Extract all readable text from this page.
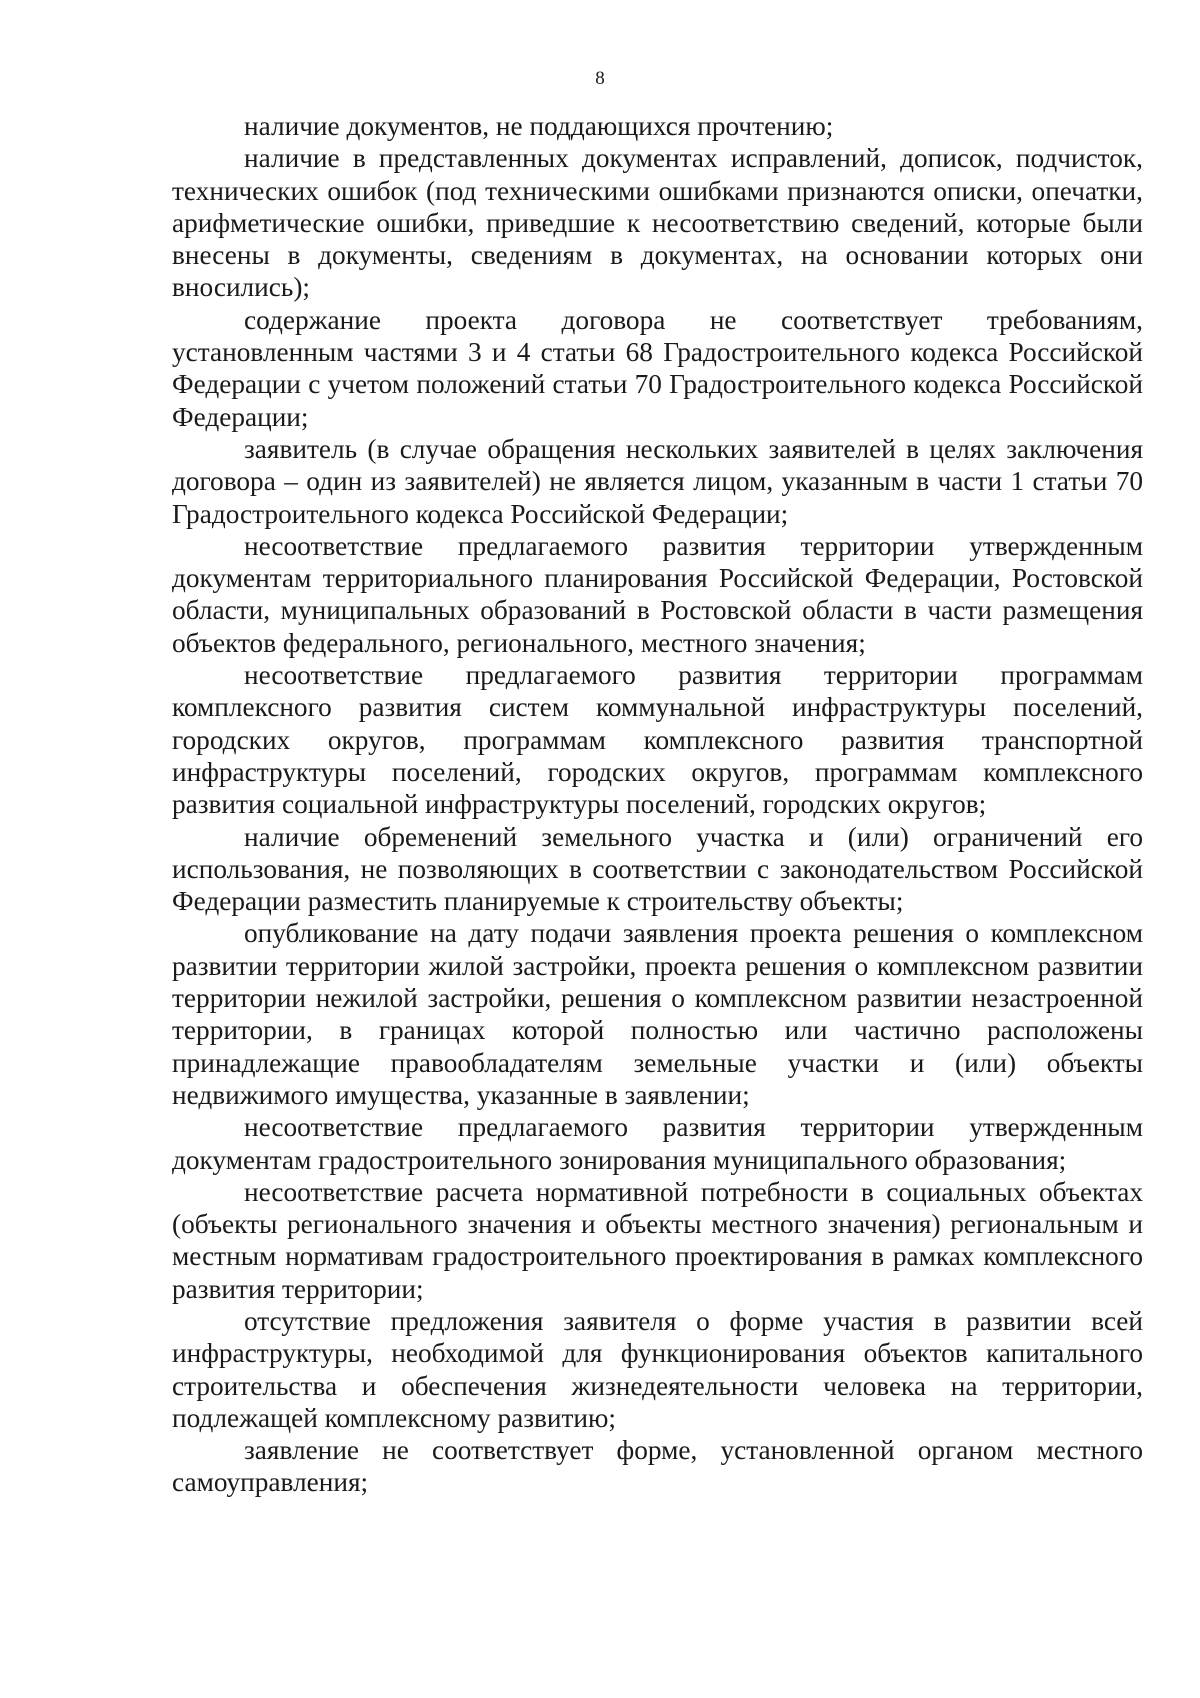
8

наличие документов, не поддающихся прочтению;

наличие в представленных документах исправлений, дописок, подчисток, технических ошибок (под техническими ошибками признаются описки, опечатки, арифметические ошибки, приведшие к несоответствию сведений, которые были внесены в документы, сведениям в документах, на основании которых они вносились);

содержание проекта договора не соответствует требованиям, установленным частями 3 и 4 статьи 68 Градостроительного кодекса Российской Федерации с учетом положений статьи 70 Градостроительного кодекса Российской Федерации;

заявитель (в случае обращения нескольких заявителей в целях заключения договора – один из заявителей) не является лицом, указанным в части 1 статьи 70 Градостроительного кодекса Российской Федерации;

несоответствие предлагаемого развития территории утвержденным документам территориального планирования Российской Федерации, Ростовской области, муниципальных образований в Ростовской области в части размещения объектов федерального, регионального, местного значения;

несоответствие предлагаемого развития территории программам комплексного развития систем коммунальной инфраструктуры поселений, городских округов, программам комплексного развития транспортной инфраструктуры поселений, городских округов, программам комплексного развития социальной инфраструктуры поселений, городских округов;

наличие обременений земельного участка и (или) ограничений его использования, не позволяющих в соответствии с законодательством Российской Федерации разместить планируемые к строительству объекты;

опубликование на дату подачи заявления проекта решения о комплексном развитии территории жилой застройки, проекта решения о комплексном развитии территории нежилой застройки, решения о комплексном развитии незастроенной территории, в границах которой полностью или частично расположены принадлежащие правообладателям земельные участки и (или) объекты недвижимого имущества, указанные в заявлении;

несоответствие предлагаемого развития территории утвержденным документам градостроительного зонирования муниципального образования;

несоответствие расчета нормативной потребности в социальных объектах (объекты регионального значения и объекты местного значения) региональным и местным нормативам градостроительного проектирования в рамках комплексного развития территории;

отсутствие предложения заявителя о форме участия в развитии всей инфраструктуры, необходимой для функционирования объектов капитального строительства и обеспечения жизнедеятельности человека на территории, подлежащей комплексному развитию;

заявление не соответствует форме, установленной органом местного самоуправления;
